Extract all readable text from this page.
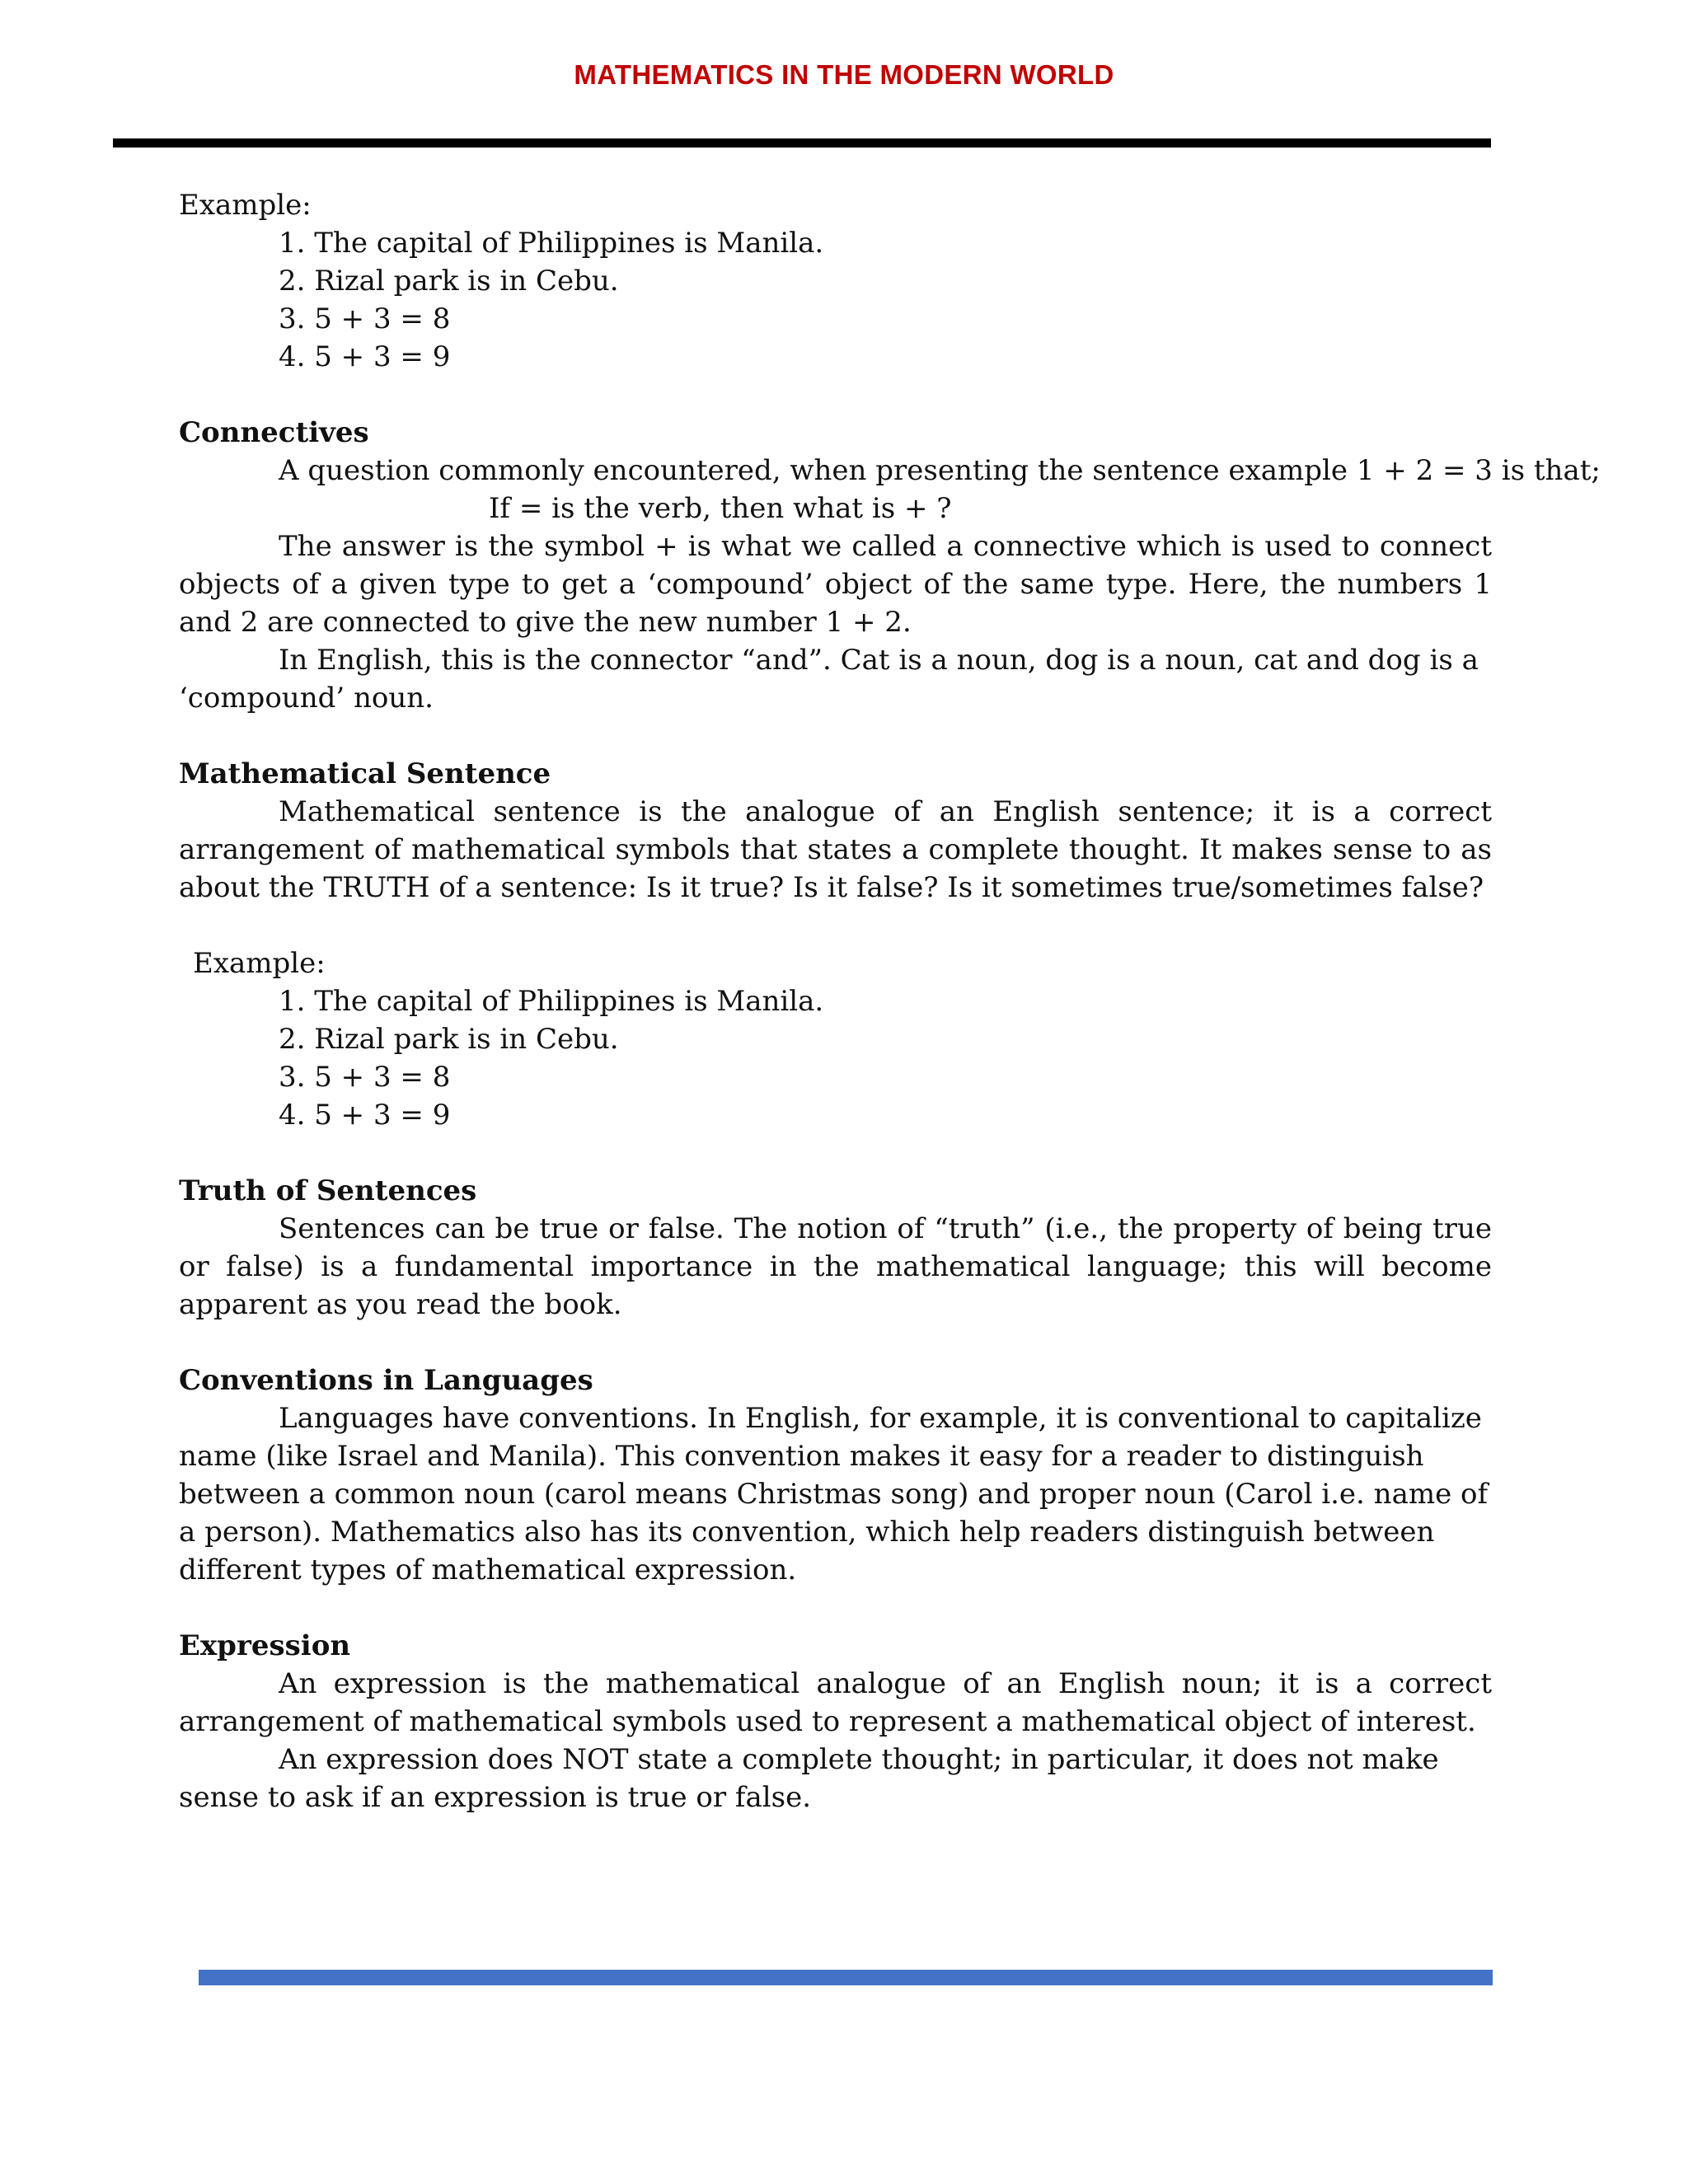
MATHEMATICS IN THE MODERN WORLD
Example:
1. The capital of Philippines is Manila.
2. Rizal park is in Cebu.
3. 5 + 3 = 8
4. 5 + 3 = 9
Connectives
A question commonly encountered, when presenting the sentence example 1 + 2 = 3 is that;
If = is the verb, then what is + ?
The answer is the symbol + is what we called a connective which is used to connect objects of a given type to get a ‘compound’ object of the same type. Here, the numbers 1 and 2 are connected to give the new number 1 + 2.
In English, this is the connector “and”. Cat is a noun, dog is a noun, cat and dog is a ‘compound’ noun.
Mathematical Sentence
Mathematical sentence is the analogue of an English sentence; it is a correct arrangement of mathematical symbols that states a complete thought. It makes sense to as about the TRUTH of a sentence: Is it true? Is it false? Is it sometimes true/sometimes false?
Example:
1. The capital of Philippines is Manila.
2. Rizal park is in Cebu.
3. 5 + 3 = 8
4. 5 + 3 = 9
Truth of Sentences
Sentences can be true or false. The notion of “truth” (i.e., the property of being true or false) is a fundamental importance in the mathematical language; this will become apparent as you read the book.
Conventions in Languages
Languages have conventions. In English, for example, it is conventional to capitalize name (like Israel and Manila). This convention makes it easy for a reader to distinguish between a common noun (carol means Christmas song) and proper noun (Carol i.e. name of a person). Mathematics also has its convention, which help readers distinguish between different types of mathematical expression.
Expression
An expression is the mathematical analogue of an English noun; it is a correct arrangement of mathematical symbols used to represent a mathematical object of interest.
An expression does NOT state a complete thought; in particular, it does not make sense to ask if an expression is true or false.
